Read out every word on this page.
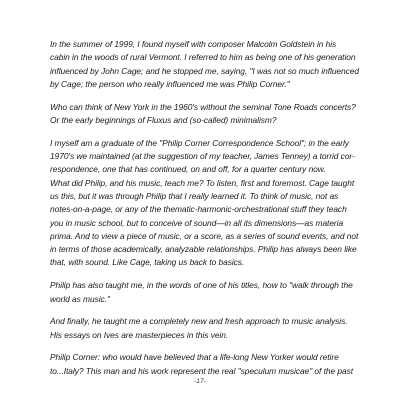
In the summer of 1999, I found myself with composer Malcolm Goldstein in his
cabin in the woods of rural Vermont. I referred to him as being one of his generation
influenced by John Cage; and he stopped me, saying, "I was not so much influenced
by Cage; the person who really influenced me was Philip Corner."

Who can think of New York in the 1960's without the seminal Tone Roads concerts?
Or the early beginnings of Fluxus and (so-called) minimalism?

I myself am a graduate of the "Philip Corner Correspondence School"; in the early
1970's we maintained (at the suggestion of my teacher, James Tenney) a torrid cor-
respondence, one that has continued, on and off, for a quarter century now.
What did Philip, and his music, teach me? To listen, first and foremost. Cage taught
us this, but it was through Philip that I really learned it. To think of music, not as
notes-on-a-page, or any of the thematic-harmonic-orchestrational stuff they teach
you in music school, but to conceive of sound—in all its dimensions—as materia
prima. And to view a piece of music, or a score, as a series of sound events, and not
in terms of those academically, analyzable relationships. Philip has always been like
that, with sound. Like Cage, taking us back to basics.

Philip has also taught me, in the words of one of his titles, how to "walk through the
world as music."

And finally, he taught me a completely new and fresh approach to music analysis.
His essays on Ives are masterpieces in this vein.

Philip Corner: who would have believed that a life-long New Yorker would retire
to...Italy? This man and his work represent the real "speculum musicae" of the past

-17-
